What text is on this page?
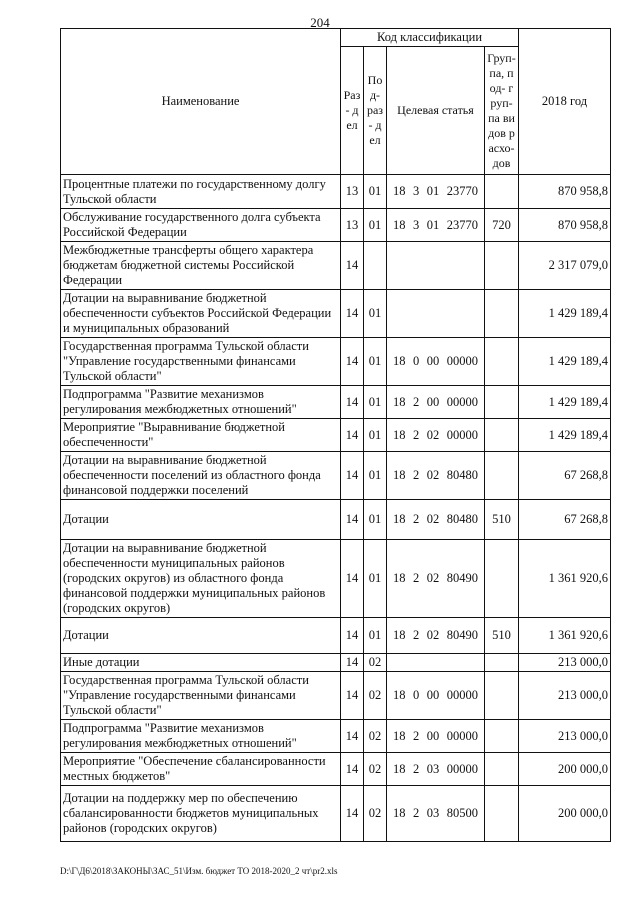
204
Наименование	Код классификации				2018 год
	Раз- дел	Под- раз- дел	Целевая статья	Груп- па, под- груп- па видов расхо- дов	
Процентные платежи по государственному долгу Тульской области	13	01	18 3 01 23770		870 958,8
Обслуживание государственного долга субъекта Российской Федерации	13	01	18 3 01 23770	720	870 958,8
Межбюджетные трансферты общего характера бюджетам бюджетной системы Российской Федерации	14				2 317 079,0
Дотации на выравнивание бюджетной обеспеченности субъектов Российской Федерации и муниципальных образований	14	01			1 429 189,4
Государственная программа Тульской области "Управление государственными финансами Тульской области"	14	01	18 0 00 00000		1 429 189,4
Подпрограмма "Развитие механизмов регулирования межбюджетных отношений"	14	01	18 2 00 00000		1 429 189,4
Мероприятие "Выравнивание бюджетной обеспеченности"	14	01	18 2 02 00000		1 429 189,4
Дотации на выравнивание бюджетной обеспеченности поселений из областного фонда финансовой поддержки поселений	14	01	18 2 02 80480		67 268,8
Дотации	14	01	18 2 02 80480	510	67 268,8
Дотации на выравнивание бюджетной обеспеченности муниципальных районов (городских округов) из областного фонда финансовой поддержки муниципальных районов (городских округов)	14	01	18 2 02 80490		1 361 920,6
Дотации	14	01	18 2 02 80490	510	1 361 920,6
Иные дотации	14	02			213 000,0
Государственная программа Тульской области "Управление государственными финансами Тульской области"	14	02	18 0 00 00000		213 000,0
Подпрограмма "Развитие механизмов регулирования межбюджетных отношений"	14	02	18 2 00 00000		213 000,0
Мероприятие "Обеспечение сбалансированности местных бюджетов"	14	02	18 2 03 00000		200 000,0
Дотации на поддержку мер по обеспечению сбалансированности бюджетов муниципальных районов (городских округов)	14	02	18 2 03 80500		200 000,0
D:\Г\Д6\2018\ЗАКОНЫ\ЗАС_51\Изм. бюджет ТО 2018-2020_2 чт\pr2.xls
